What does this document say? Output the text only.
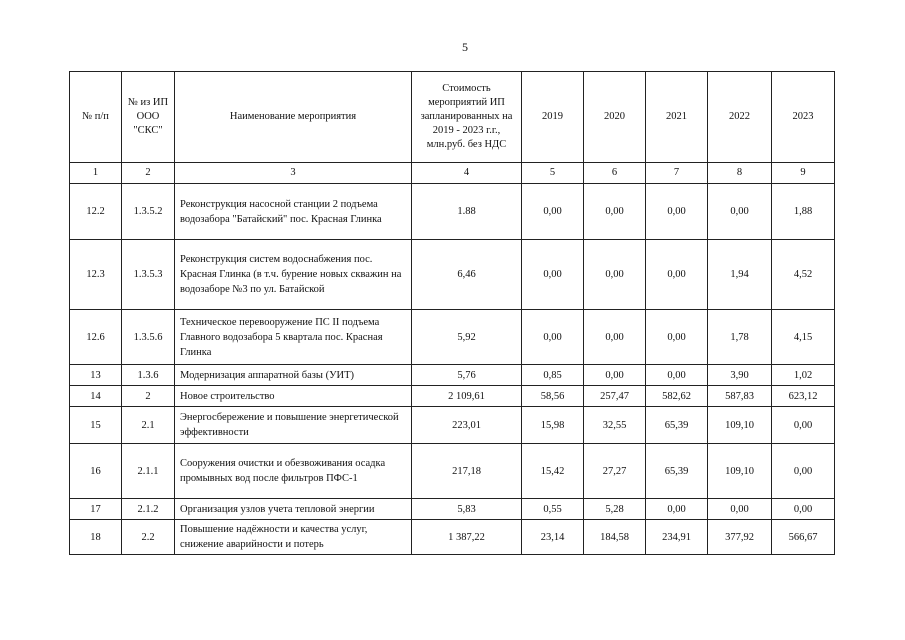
5
№ п/п	№ из ИП ООО "СКС"	Наименование мероприятия	Стоимость мероприятий ИП запланированных на 2019 - 2023 г.г., млн.руб. без НДС	2019	2020	2021	2022	2023
1	2	3	4	5	6	7	8	9
12.2	1.3.5.2	Реконструкция насосной станции 2 подъема водозабора "Батайский" пос. Красная Глинка	1.88	0,00	0,00	0,00	0,00	1,88
12.3	1.3.5.3	Реконструкция систем водоснабжения пос. Красная Глинка (в т.ч. бурение новых скважин на водозаборе №3 по ул. Батайской	6,46	0,00	0,00	0,00	1,94	4,52
12.6	1.3.5.6	Техническое перевооружение ПС II подъема Главного водозабора 5 квартала пос. Красная Глинка	5,92	0,00	0,00	0,00	1,78	4,15
13	1.3.6	Модернизация аппаратной базы (УИТ)	5,76	0,85	0,00	0,00	3,90	1,02
14	2	Новое строительство	2 109,61	58,56	257,47	582,62	587,83	623,12
15	2.1	Энергосбережение и повышение энергетической эффективности	223,01	15,98	32,55	65,39	109,10	0,00
16	2.1.1	Сооружения очистки и обезвоживания осадка промывных вод после фильтров ПФС-1	217,18	15,42	27,27	65,39	109,10	0,00
17	2.1.2	Организация узлов учета тепловой энергии	5,83	0,55	5,28	0,00	0,00	0,00
18	2.2	Повышение надёжности и качества услуг, снижение аварийности и потерь	1 387,22	23,14	184,58	234,91	377,92	566,67
